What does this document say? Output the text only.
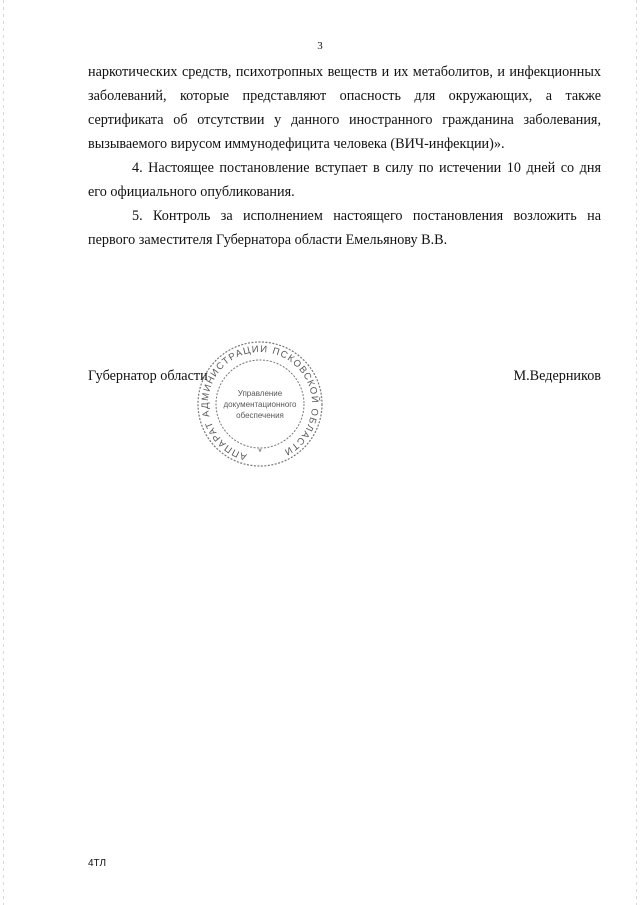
3

наркотических средств, психотропных веществ и их метаболитов, и инфекционных заболеваний, которые представляют опасность для окружающих, а также сертификата об отсутствии у данного иностранного гражданина заболевания, вызываемого вирусом иммунодефицита человека (ВИЧ-инфекции)».

4. Настоящее постановление вступает в силу по истечении 10 дней со дня его официального опубликования.

5. Контроль за исполнением настоящего постановления возложить на первого заместителя Губернатора области Емельянову В.В.

Губернатор области	М.Ведерников
АППАРАТ АДМИНИСТРАЦИИ ПСКОВСКОЙ ОБЛАСТИ
Управление
документационного
обеспечения
*
4ТЛ
